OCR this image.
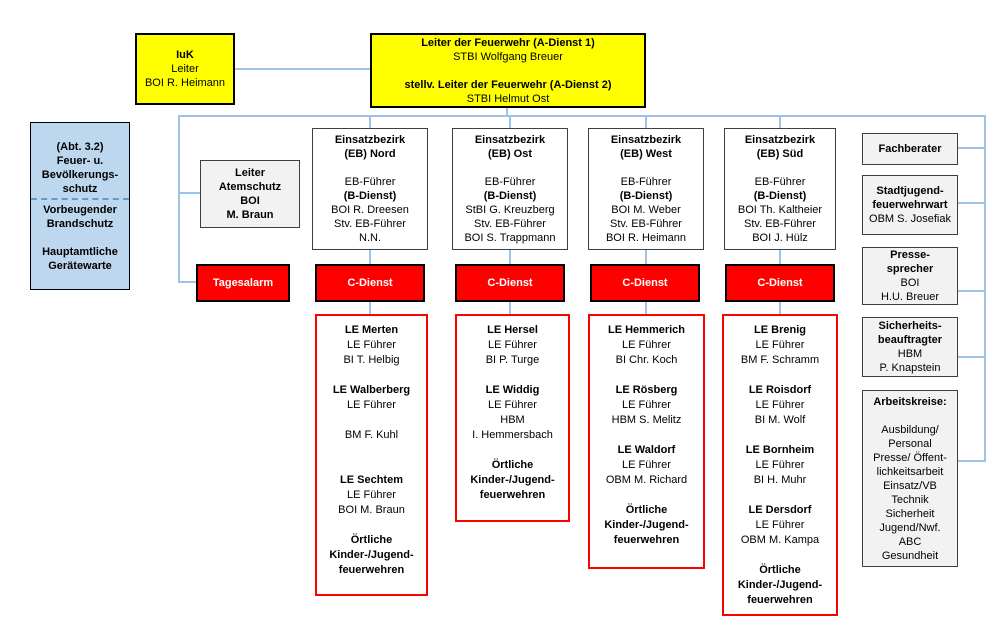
IuK
Leiter
BOI R. Heimann
Leiter der Feuerwehr (A-Dienst 1)
STBI Wolfgang Breuer

stellv. Leiter der Feuerwehr (A-Dienst 2)
STBI Helmut Ost
(Abt. 3.2)
Feuer- u.
Bevölkerungs-
schutz
Vorbeugender
Brandschutz

Hauptamtliche
Gerätewarte
Leiter
Atemschutz
BOI
M. Braun
Tagesalarm
Einsatzbezirk
(EB) Nord

EB-Führer
(B-Dienst)
BOI R. Dreesen
Stv. EB-Führer
N.N.
Einsatzbezirk
(EB) Ost

EB-Führer
(B-Dienst)
StBI G. Kreuzberg
Stv. EB-Führer
BOI S. Trappmann
Einsatzbezirk
(EB) West

EB-Führer
(B-Dienst)
BOI M. Weber
Stv. EB-Führer
BOI R. Heimann
Einsatzbezirk
(EB) Süd

EB-Führer
(B-Dienst)
BOI Th. Kaltheier
Stv. EB-Führer
BOI J. Hülz
C-Dienst	C-Dienst	C-Dienst	C-Dienst
LE Merten
LE Führer
BI T. Helbig

LE Walberberg
LE Führer

BM F. Kuhl

LE Sechtem
LE Führer
BOI M. Braun

Örtliche
Kinder-/Jugend-
feuerwehren
LE Hersel
LE Führer
BI P. Turge

LE Widdig
LE Führer
HBM
I. Hemmersbach

Örtliche
Kinder-/Jugend-
feuerwehren
LE Hemmerich
LE Führer
BI Chr. Koch

LE Rösberg
LE Führer
HBM S. Melitz

LE Waldorf
LE Führer
OBM M. Richard

Örtliche
Kinder-/Jugend-
feuerwehren
LE Brenig
LE Führer
BM F. Schramm

LE Roisdorf
LE Führer
BI M. Wolf

LE Bornheim
LE Führer
BI H. Muhr

LE Dersdorf
LE Führer
OBM M. Kampa

Örtliche
Kinder-/Jugend-
feuerwehren
Fachberater
Stadtjugend-
feuerwehrwart
OBM S. Josefiak
Presse-
sprecher
BOI
H.U. Breuer
Sicherheits-
beauftragter
HBM
P. Knapstein
Arbeitskreise:

Ausbildung/
Personal
Presse/ Öffent-
lichkeitsarbeit
Einsatz/VB
Technik
Sicherheit
Jugend/Nwf.
ABC
Gesundheit
